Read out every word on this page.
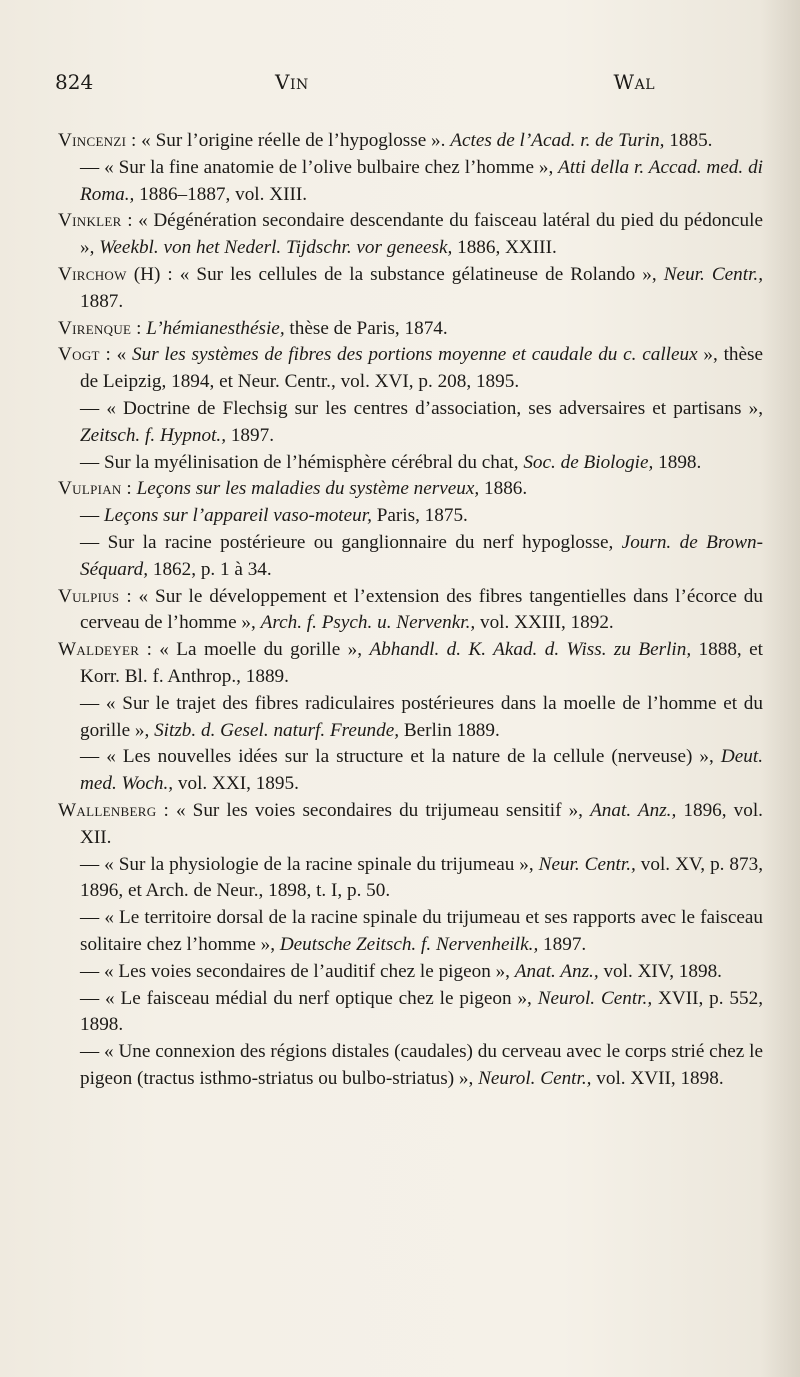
824	Vin	Wal

Vincenzi : « Sur l’origine réelle de l’hypoglosse ». Actes de l’Acad. r. de Turin, 1885.

— « Sur la fine anatomie de l’olive bulbaire chez l’homme », Atti della r. Accad. med. di Roma., 1886–1887, vol. XIII.

Vinkler : « Dégénération secondaire descendante du faisceau latéral du pied du pédoncule », Weekbl. von het Nederl. Tijdschr. vor geneesk, 1886, XXIII.

Virchow (H) : « Sur les cellules de la substance gélatineuse de Rolando », Neur. Centr., 1887.

Virenque : L’hémianesthésie, thèse de Paris, 1874.

Vogt : « Sur les systèmes de fibres des portions moyenne et caudale du c. calleux », thèse de Leipzig, 1894, et Neur. Centr., vol. XVI, p. 208, 1895.

— « Doctrine de Flechsig sur les centres d’association, ses adversaires et partisans », Zeitsch. f. Hypnot., 1897.

— Sur la myélinisation de l’hémisphère cérébral du chat, Soc. de Biologie, 1898.

Vulpian : Leçons sur les maladies du système nerveux, 1886.

— Leçons sur l’appareil vaso-moteur, Paris, 1875.

— Sur la racine postérieure ou ganglionnaire du nerf hypoglosse, Journ. de Brown-Séquard, 1862, p. 1 à 34.

Vulpius : « Sur le développement et l’extension des fibres tangentielles dans l’écorce du cerveau de l’homme », Arch. f. Psych. u. Nervenkr., vol. XXIII, 1892.

Waldeyer : « La moelle du gorille », Abhandl. d. K. Akad. d. Wiss. zu Berlin, 1888, et Korr. Bl. f. Anthrop., 1889.

— « Sur le trajet des fibres radiculaires postérieures dans la moelle de l’homme et du gorille », Sitzb. d. Gesel. naturf. Freunde, Berlin 1889.

— « Les nouvelles idées sur la structure et la nature de la cellule (nerveuse) », Deut. med. Woch., vol. XXI, 1895.

Wallenberg : « Sur les voies secondaires du trijumeau sensitif », Anat. Anz., 1896, vol. XII.

— « Sur la physiologie de la racine spinale du trijumeau », Neur. Centr., vol. XV, p. 873, 1896, et Arch. de Neur., 1898, t. I, p. 50.

— « Le territoire dorsal de la racine spinale du trijumeau et ses rapports avec le faisceau solitaire chez l’homme », Deutsche Zeitsch. f. Nervenheilk., 1897.

— « Les voies secondaires de l’auditif chez le pigeon », Anat. Anz., vol. XIV, 1898.

— « Le faisceau médial du nerf optique chez le pigeon », Neurol. Centr., XVII, p. 552, 1898.

— « Une connexion des régions distales (caudales) du cerveau avec le corps strié chez le pigeon (tractus isthmo-striatus ou bulbo-striatus) », Neurol. Centr., vol. XVII, 1898.
